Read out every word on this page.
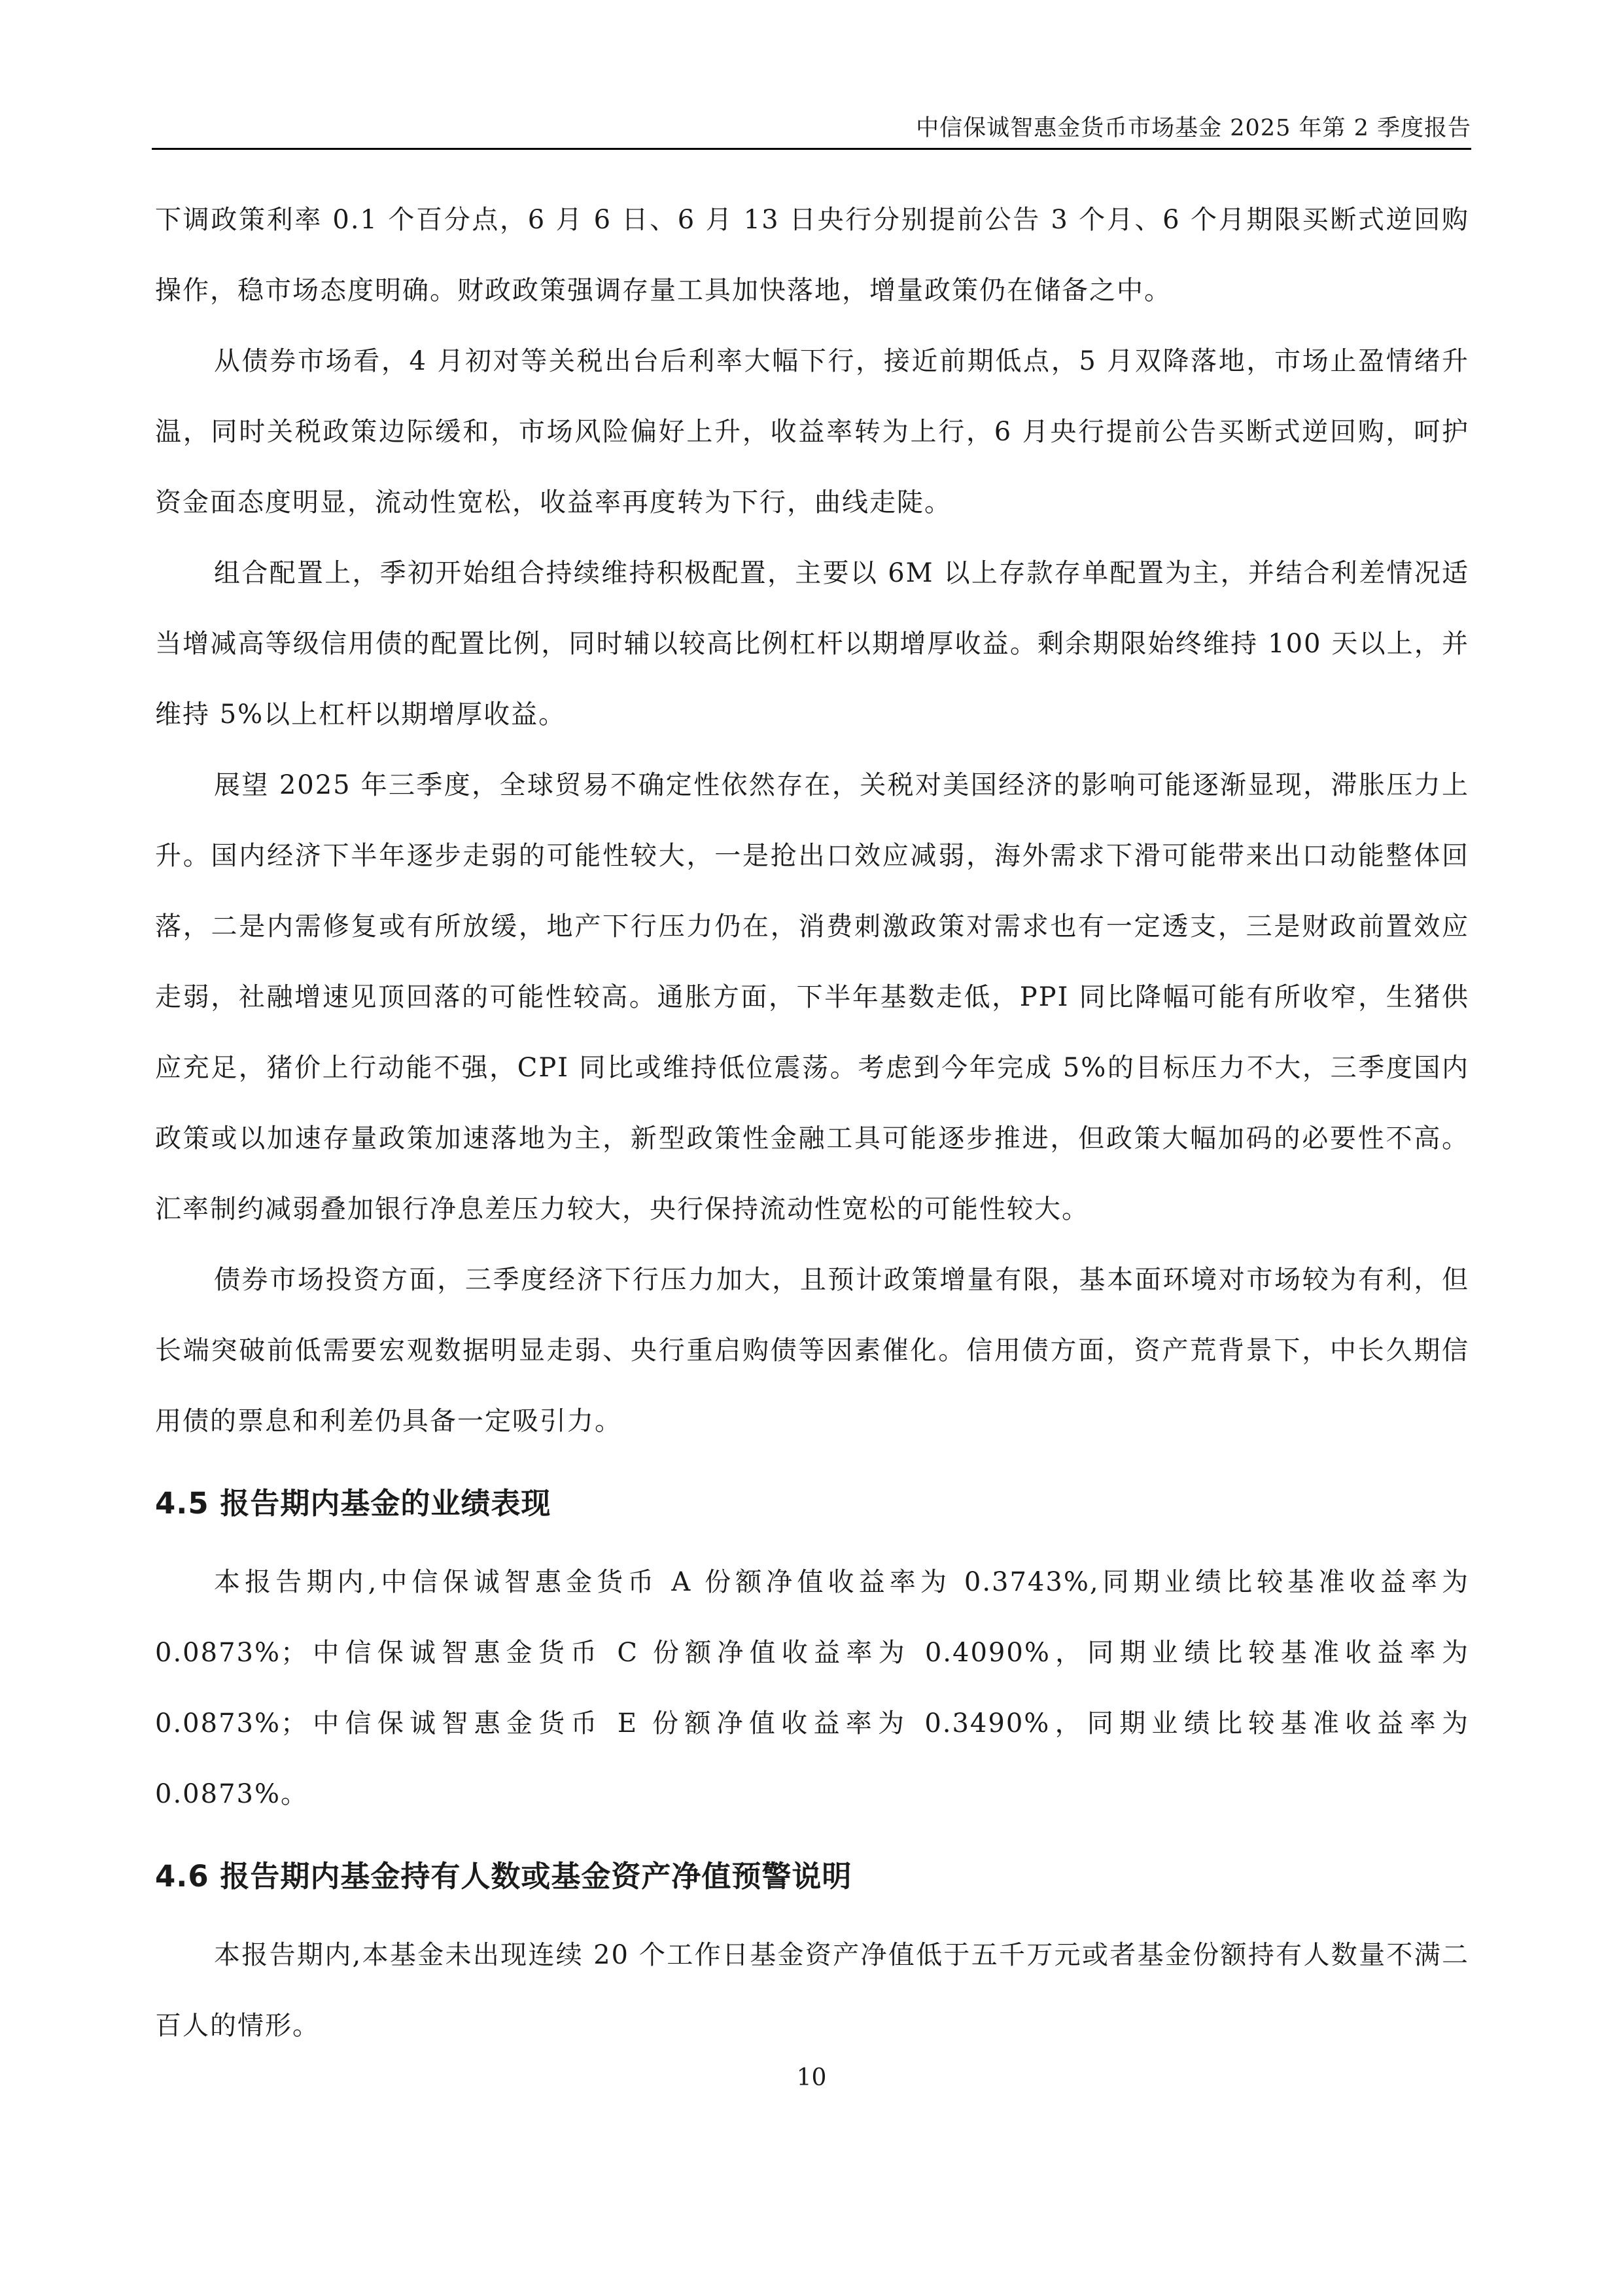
中信保诚智惠金货币市场基金 2025 年第 2 季度报告

下调政策利率 0.1 个百分点，6 月 6 日、6 月 13 日央行分别提前公告 3 个月、6 个月期限买断式逆回购操作，稳市场态度明确。财政政策强调存量工具加快落地，增量政策仍在储备之中。

从债券市场看，4 月初对等关税出台后利率大幅下行，接近前期低点，5 月双降落地，市场止盈情绪升温，同时关税政策边际缓和，市场风险偏好上升，收益率转为上行，6 月央行提前公告买断式逆回购，呵护资金面态度明显，流动性宽松，收益率再度转为下行，曲线走陡。

组合配置上，季初开始组合持续维持积极配置，主要以 6M 以上存款存单配置为主，并结合利差情况适当增减高等级信用债的配置比例，同时辅以较高比例杠杆以期增厚收益。剩余期限始终维持 100 天以上，并维持 5%以上杠杆以期增厚收益。

展望 2025 年三季度，全球贸易不确定性依然存在，关税对美国经济的影响可能逐渐显现，滞胀压力上升。国内经济下半年逐步走弱的可能性较大，一是抢出口效应减弱，海外需求下滑可能带来出口动能整体回落，二是内需修复或有所放缓，地产下行压力仍在，消费刺激政策对需求也有一定透支，三是财政前置效应走弱，社融增速见顶回落的可能性较高。通胀方面，下半年基数走低，PPI 同比降幅可能有所收窄，生猪供应充足，猪价上行动能不强，CPI 同比或维持低位震荡。考虑到今年完成 5%的目标压力不大，三季度国内政策或以加速存量政策加速落地为主，新型政策性金融工具可能逐步推进，但政策大幅加码的必要性不高。汇率制约减弱叠加银行净息差压力较大，央行保持流动性宽松的可能性较大。

债券市场投资方面，三季度经济下行压力加大，且预计政策增量有限，基本面环境对市场较为有利，但长端突破前低需要宏观数据明显走弱、央行重启购债等因素催化。信用债方面，资产荒背景下，中长久期信用债的票息和利差仍具备一定吸引力。

4.5 报告期内基金的业绩表现

本报告期内,中信保诚智惠金货币 A 份额净值收益率为 0.3743%,同期业绩比较基准收益率为 0.0873%；中信保诚智惠金货币 C 份额净值收益率为 0.4090%，同期业绩比较基准收益率为 0.0873%；中信保诚智惠金货币 E 份额净值收益率为 0.3490%，同期业绩比较基准收益率为 0.0873%。

4.6 报告期内基金持有人数或基金资产净值预警说明

本报告期内,本基金未出现连续 20 个工作日基金资产净值低于五千万元或者基金份额持有人数量不满二百人的情形。

10
